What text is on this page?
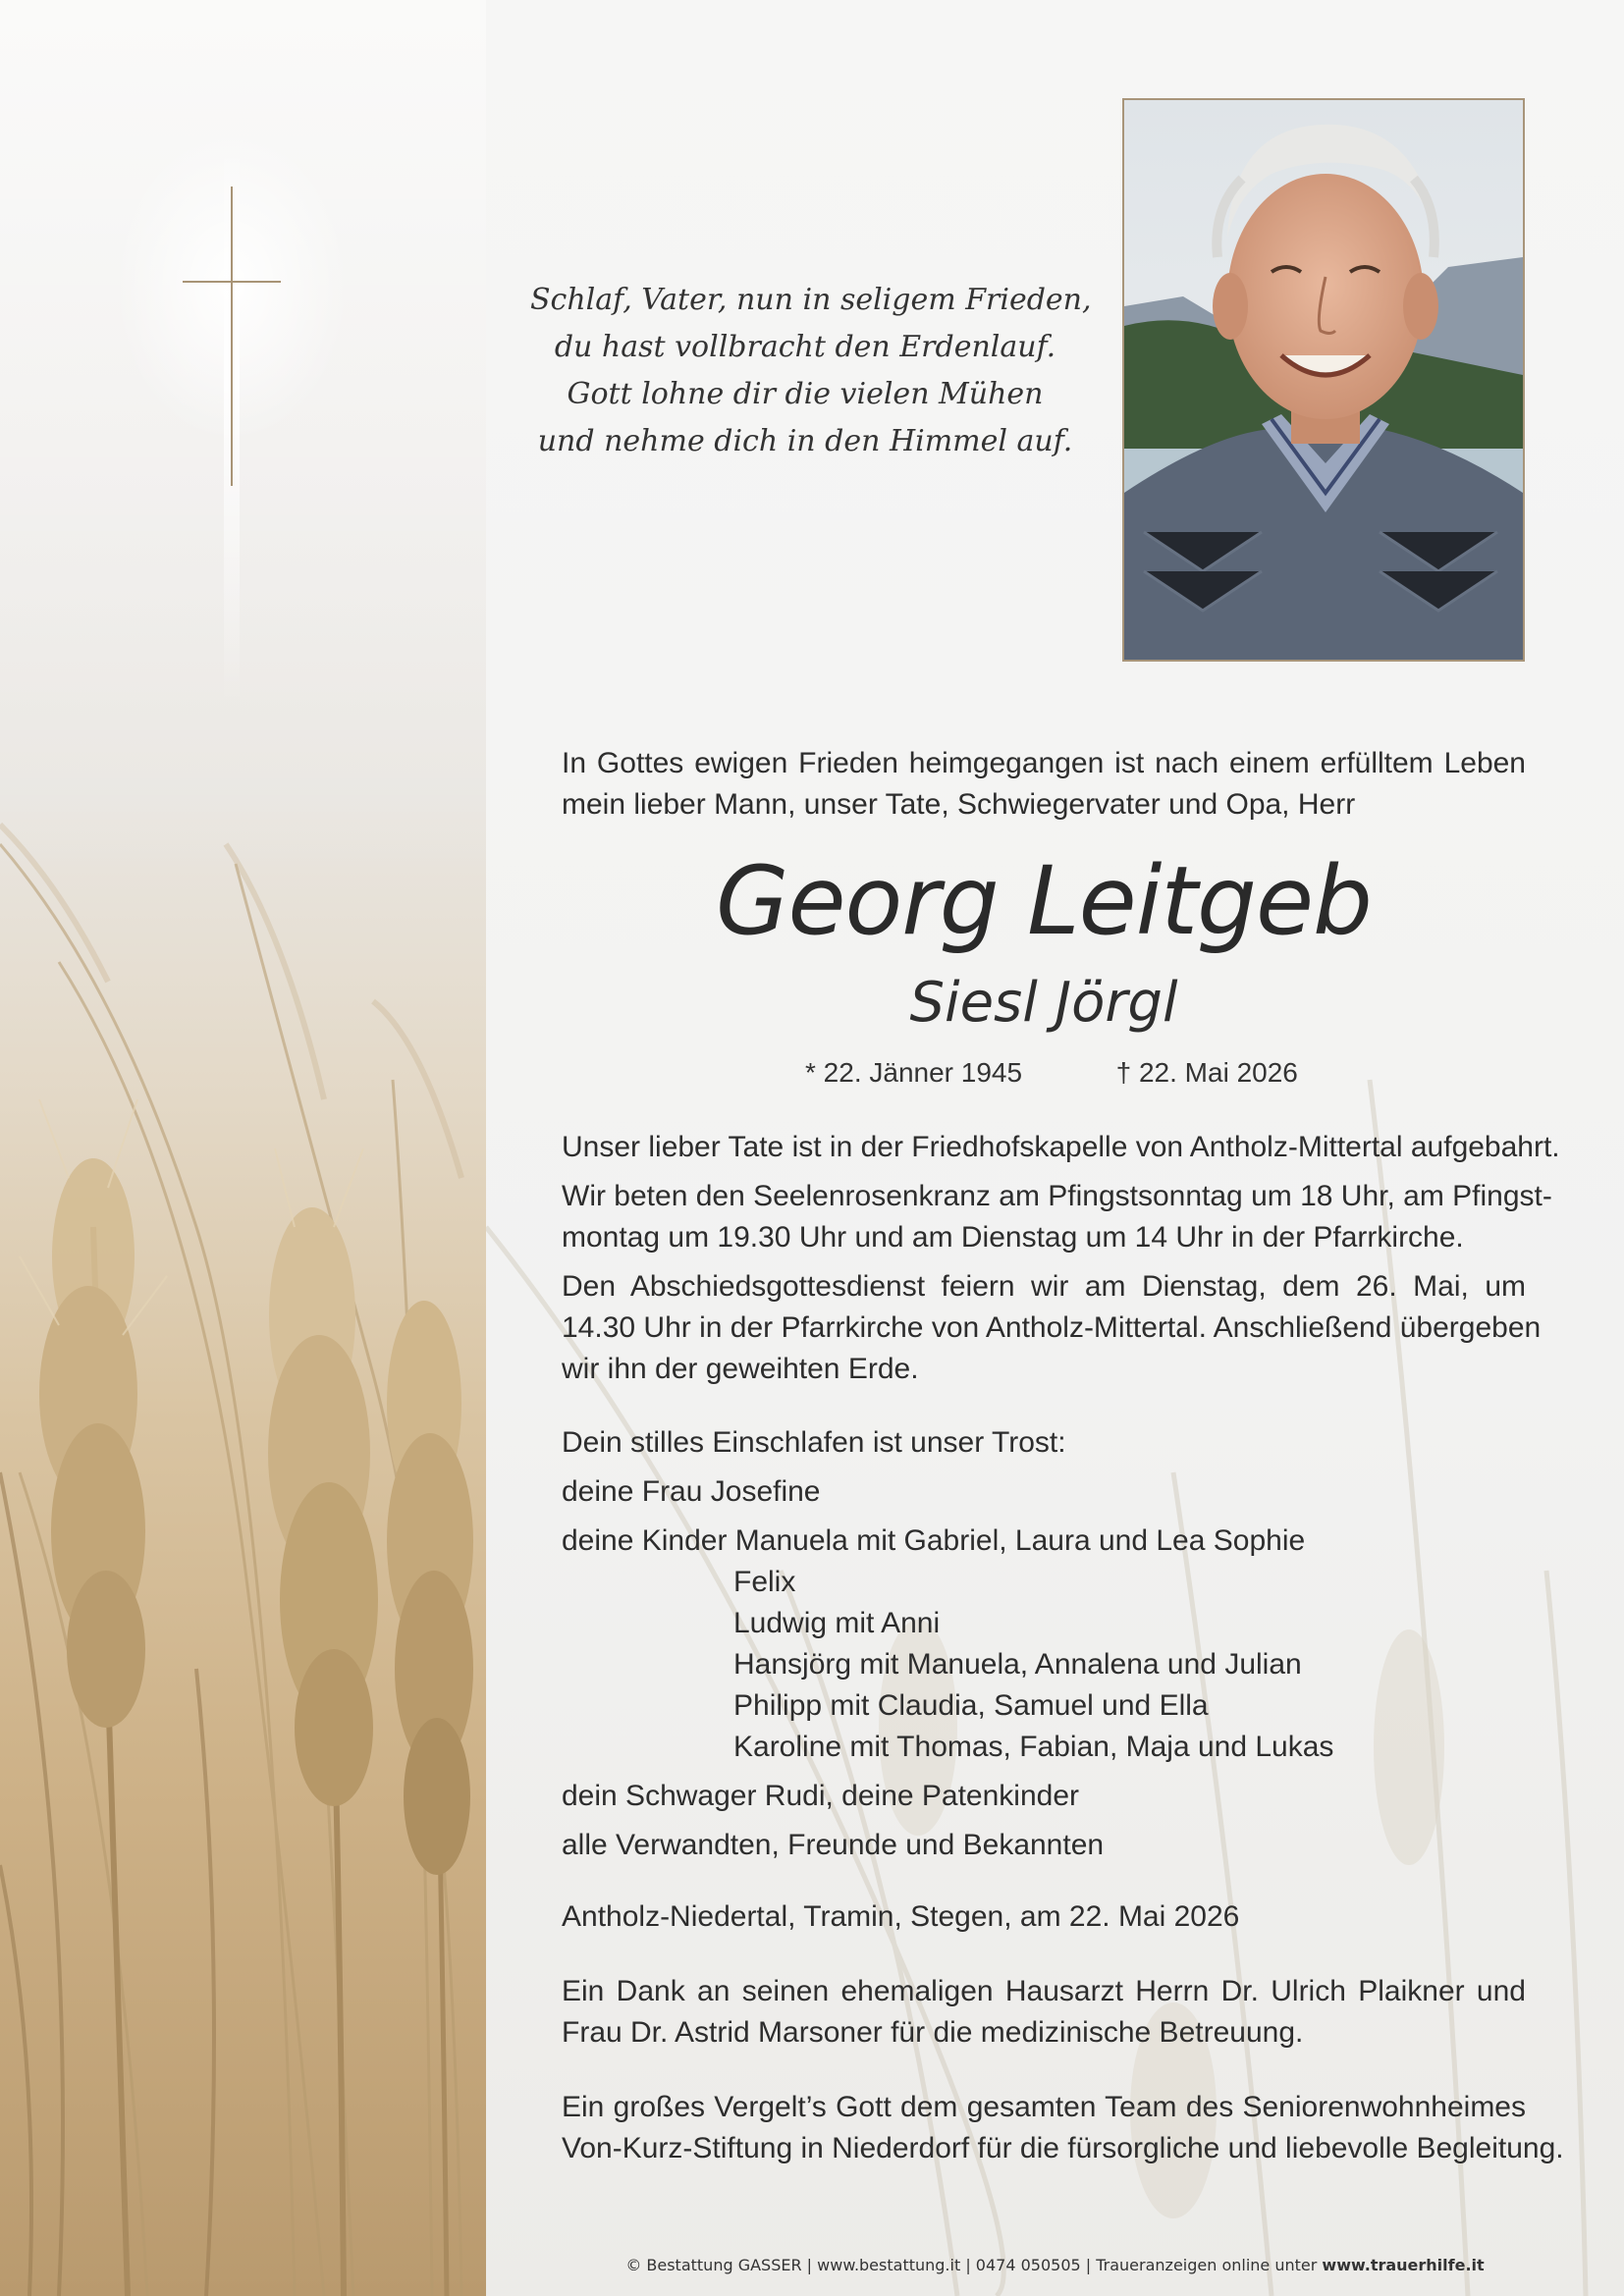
Schlaf, Vater, nun in seligem Frieden,
du hast vollbracht den Erdenlauf.
Gott lohne dir die vielen Mühen
und nehme dich in den Himmel auf.
In Gottes ewigen Frieden heimgegangen ist nach einem erfülltem Leben
mein lieber Mann, unser Tate, Schwiegervater und Opa, Herr
Georg Leitgeb
Siesl Jörgl
* 22. Jänner 1945	† 22. Mai 2026
Unser lieber Tate ist in der Friedhofskapelle von Antholz-Mittertal aufgebahrt.
Wir beten den Seelenrosenkranz am Pfingstsonntag um 18 Uhr, am Pfingst-
montag um 19.30 Uhr und am Dienstag um 14 Uhr in der Pfarrkirche.
Den Abschiedsgottesdienst feiern wir am Dienstag, dem 26. Mai, um
14.30 Uhr in der Pfarrkirche von Antholz-Mittertal. Anschließend übergeben
wir ihn der geweihten Erde.
Dein stilles Einschlafen ist unser Trost:
deine Frau Josefine
deine Kinder Manuela mit Gabriel, Laura und Lea Sophie
Felix
Ludwig mit Anni
Hansjörg mit Manuela, Annalena und Julian
Philipp mit Claudia, Samuel und Ella
Karoline mit Thomas, Fabian, Maja und Lukas
dein Schwager Rudi, deine Patenkinder
alle Verwandten, Freunde und Bekannten
Antholz-Niedertal, Tramin, Stegen, am 22. Mai 2026
Ein Dank an seinen ehemaligen Hausarzt Herrn Dr. Ulrich Plaikner und
Frau Dr. Astrid Marsoner für die medizinische Betreuung.
Ein großes Vergelt’s Gott dem gesamten Team des Seniorenwohnheimes
Von-Kurz-Stiftung in Niederdorf für die fürsorgliche und liebevolle Begleitung.
© Bestattung GASSER | www.bestattung.it | 0474 050505 | Traueranzeigen online unter www.trauerhilfe.it
